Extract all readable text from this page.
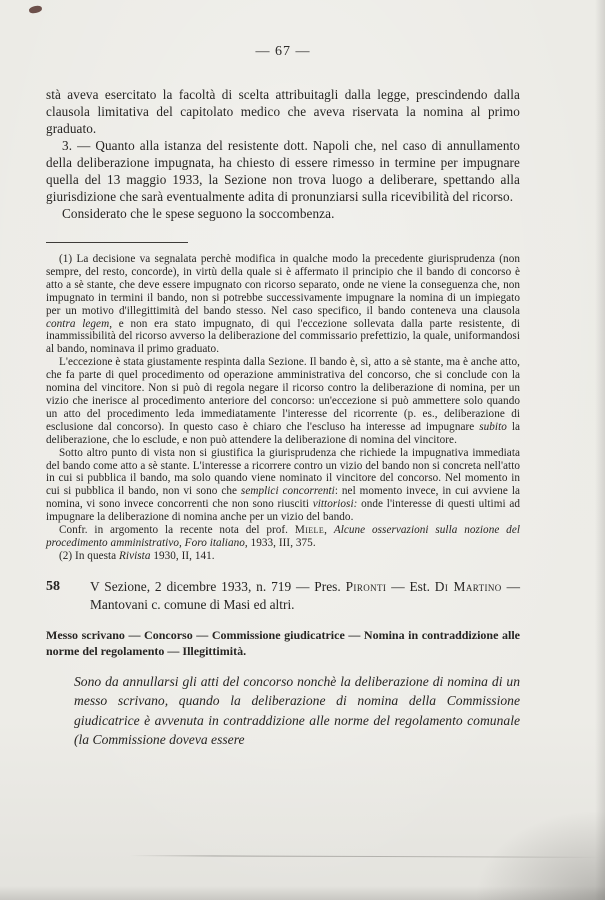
— 67 —

stà aveva esercitato la facoltà di scelta attribuitagli dalla legge, prescindendo dalla clausola limitativa del capitolato medico che aveva riservata la nomina al primo graduato.

3. — Quanto alla istanza del resistente dott. Napoli che, nel caso di annullamento della deliberazione impugnata, ha chiesto di essere rimesso in termine per impugnare quella del 13 maggio 1933, la Sezione non trova luogo a deliberare, spettando alla giurisdizione che sarà eventualmente adita di pronunziarsi sulla ricevibilità del ricorso.

Considerato che le spese seguono la soccombenza.

(1) La decisione va segnalata perchè modifica in qualche modo la precedente giurisprudenza (non sempre, del resto, concorde), in virtù della quale si è affermato il principio che il bando di concorso è atto a sè stante, che deve essere impugnato con ricorso separato, onde ne viene la conseguenza che, non impugnato in termini il bando, non si potrebbe successivamente impugnare la nomina di un impiegato per un motivo d'illegittimità del bando stesso. Nel caso specifico, il bando conteneva una clausola contra legem, e non era stato impugnato, di qui l'eccezione sollevata dalla parte resistente, di inammissibilità del ricorso avverso la deliberazione del commissario prefettizio, la quale, uniformandosi al bando, nominava il primo graduato.

L'eccezione è stata giustamente respinta dalla Sezione. Il bando è, sì, atto a sè stante, ma è anche atto, che fa parte di quel procedimento od operazione amministrativa del concorso, che si conclude con la nomina del vincitore. Non si può di regola negare il ricorso contro la deliberazione di nomina, per un vizio che inerisce al procedimento anteriore del concorso: un'eccezione si può ammettere solo quando un atto del procedimento leda immediatamente l'interesse del ricorrente (p. es., deliberazione di esclusione dal concorso). In questo caso è chiaro che l'escluso ha interesse ad impugnare subito la deliberazione, che lo esclude, e non può attendere la deliberazione di nomina del vincitore.

Sotto altro punto di vista non si giustifica la giurisprudenza che richiede la impugnativa immediata del bando come atto a sè stante. L'interesse a ricorrere contro un vizio del bando non si concreta nell'atto in cui si pubblica il bando, ma solo quando viene nominato il vincitore del concorso. Nel momento in cui si pubblica il bando, non vi sono che semplici concorrenti: nel momento invece, in cui avviene la nomina, vi sono invece concorrenti che non sono riusciti vittoriosi: onde l'interesse di questi ultimi ad impugnare la deliberazione di nomina anche per un vizio del bando.

Confr. in argomento la recente nota del prof. Miele, Alcune osservazioni sulla nozione del procedimento amministrativo, Foro italiano, 1933, III, 375.

(2) In questa Rivista 1930, II, 141.

58	V Sezione, 2 dicembre 1933, n. 719 — Pres. Pironti — Est. Di Martino — Mantovani c. comune di Masi ed altri.

Messo scrivano — Concorso — Commissione giudicatrice — Nomina in contraddizione alle norme del regolamento — Illegittimità.

Sono da annullarsi gli atti del concorso nonchè la deliberazione di nomina di un messo scrivano, quando la deliberazione di nomina della Commissione giudicatrice è avvenuta in contraddizione alle norme del regolamento comunale (la Commissione doveva essere
